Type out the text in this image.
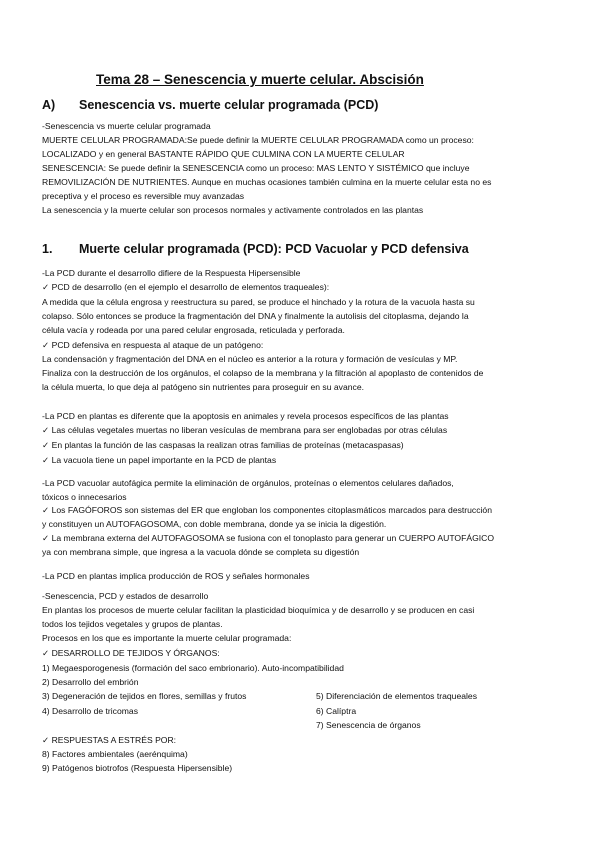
Tema 28 – Senescencia y muerte celular. Abscisión
A) Senescencia vs. muerte celular programada (PCD)
-Senescencia vs muerte celular programada
MUERTE CELULAR PROGRAMADA:Se puede definir la MUERTE CELULAR PROGRAMADA como un proceso:
LOCALIZADO y en general BASTANTE RÁPIDO QUE CULMINA CON LA MUERTE CELULAR
SENESCENCIA: Se puede definir la SENESCENCIA como un proceso: MAS LENTO Y SISTÉMICO que incluye
REMOVILIZACIÓN DE NUTRIENTES. Aunque en muchas ocasiones también culmina en la muerte celular esta no es
preceptiva y el proceso es reversible muy avanzadas
La senescencia y la muerte celular son procesos normales y activamente controlados en las plantas
1. Muerte celular programada (PCD): PCD Vacuolar y PCD defensiva
-La PCD durante el desarrollo difiere de la Respuesta Hipersensible
✓ PCD de desarrollo (en el ejemplo el desarrollo de elementos traqueales):
A medida que la célula engrosa y reestructura su pared, se produce el hinchado y la rotura de la vacuola hasta su
colapso. Sólo entonces se produce la fragmentación del DNA y finalmente la autolisis del citoplasma, dejando la
célula vacía y rodeada por una pared celular engrosada, reticulada y perforada.
✓ PCD defensiva en respuesta al ataque de un patógeno:
La condensación y fragmentación del DNA en el núcleo es anterior a la rotura y formación de vesículas y MP.
Finaliza con la destrucción de los orgánulos, el colapso de la membrana y la filtración al apoplasto de contenidos de
la célula muerta, lo que deja al patógeno sin nutrientes para proseguir en su avance.
-La PCD en plantas es diferente que la apoptosis en animales y revela procesos específicos de las plantas
✓ Las células vegetales muertas no liberan vesículas de membrana para ser englobadas por otras células
✓ En plantas la función de las caspasas la realizan otras familias de proteínas (metacaspasas)
✓ La vacuola tiene un papel importante en la PCD de plantas
-La PCD vacuolar autofágica permite la eliminación de orgánulos, proteínas o elementos celulares dañados,
tóxicos o innecesarios
✓ Los FAGÓFOROS son sistemas del ER que engloban los componentes citoplasmáticos marcados para destrucción
y constituyen un AUTOFAGOSOMA, con doble membrana, donde ya se inicia la digestión.
✓ La membrana externa del AUTOFAGOSOMA se fusiona con el tonoplasto para generar un CUERPO AUTOFÁGICO
ya con membrana simple, que ingresa a la vacuola dónde se completa su digestión
-La PCD en plantas implica producción de ROS y señales hormonales
-Senescencia, PCD y estados de desarrollo
En plantas los procesos de muerte celular facilitan la plasticidad bioquímica y de desarrollo y se producen en casi
todos los tejidos vegetales y grupos de plantas.
Procesos en los que es importante la muerte celular programada:
✓ DESARROLLO DE TEJIDOS Y ÓRGANOS:
1) Megaesporogenesis (formación del saco embrionario). Auto-incompatibilidad
2) Desarrollo del embrión
3) Degeneración de tejidos en flores, semillas y frutos
4) Desarrollo de tricomas
5) Diferenciación de elementos traqueales
6) Calíptra
7) Senescencia de órganos
✓ RESPUESTAS A ESTRÉS POR:
8) Factores ambientales (aerénquima)
9) Patógenos biotrofos (Respuesta Hipersensible)
